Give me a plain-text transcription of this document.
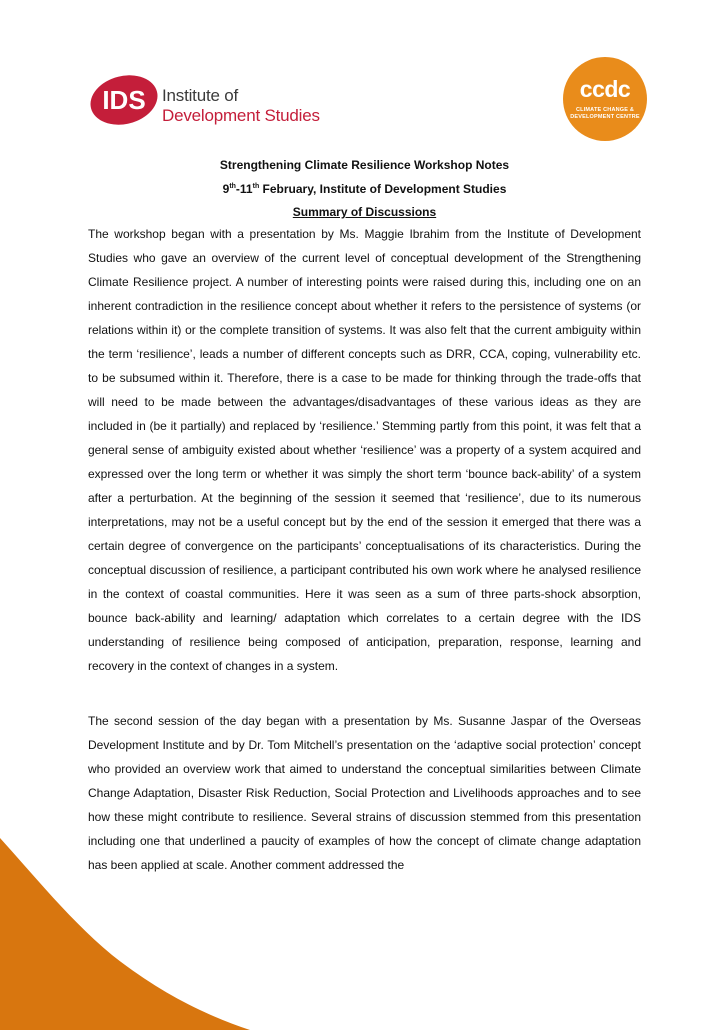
IDS Institute of
Development Studies
ccdc
CLIMATE CHANGE &
DEVELOPMENT CENTRE
Strengthening Climate Resilience Workshop Notes
9th-11th February, Institute of Development Studies
Summary of Discussions

The workshop began with a presentation by Ms. Maggie Ibrahim from the Institute of Development Studies who gave an overview of the current level of conceptual development of the Strengthening Climate Resilience project. A number of interesting points were raised during this, including one on an inherent contradiction in the resilience concept about whether it refers to the persistence of systems (or relations within it) or the complete transition of systems. It was also felt that the current ambiguity within the term ‘resilience’, leads a number of different concepts such as DRR, CCA, coping, vulnerability etc. to be subsumed within it. Therefore, there is a case to be made for thinking through the trade-offs that will need to be made between the advantages/disadvantages of these various ideas as they are included in (be it partially) and replaced by ‘resilience.’ Stemming partly from this point, it was felt that a general sense of ambiguity existed about whether ‘resilience’ was a property of a system acquired and expressed over the long term or whether it was simply the short term ‘bounce back-ability’ of a system after a perturbation. At the beginning of the session it seemed that ‘resilience’, due to its numerous interpretations, may not be a useful concept but by the end of the session it emerged that there was a certain degree of convergence on the participants’ conceptualisations of its characteristics. During the conceptual discussion of resilience, a participant contributed his own work where he analysed resilience in the context of coastal communities. Here it was seen as a sum of three parts-shock absorption, bounce back-ability and learning/ adaptation which correlates to a certain degree with the IDS understanding of resilience being composed of anticipation, preparation, response, learning and recovery in the context of changes in a system.

The second session of the day began with a presentation by Ms. Susanne Jaspar of the Overseas Development Institute and by Dr. Tom Mitchell’s presentation on the ‘adaptive social protection’ concept who provided an overview work that aimed to understand the conceptual similarities between Climate Change Adaptation, Disaster Risk Reduction, Social Protection and Livelihoods approaches and to see how these might contribute to resilience. Several strains of discussion stemmed from this presentation including one that underlined a paucity of examples of how the concept of climate change adaptation has been applied at scale. Another comment addressed the
